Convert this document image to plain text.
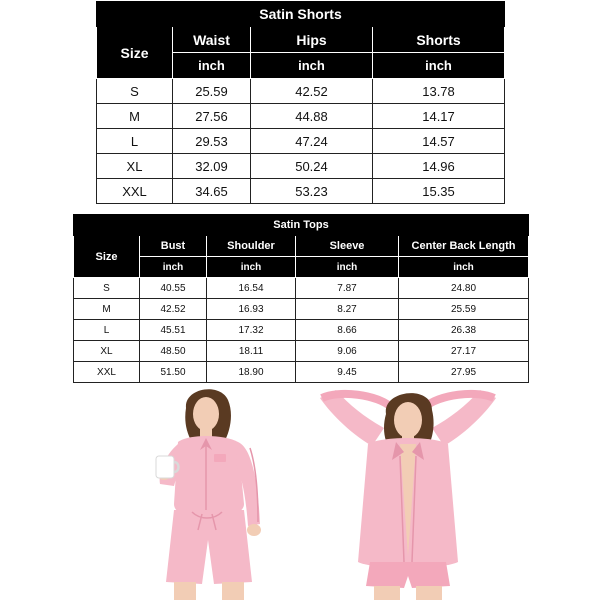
Satin Shorts			
Size	Waist	Hips	Shorts
	inch	inch	inch
S	25.59	42.52	13.78
M	27.56	44.88	14.17
L	29.53	47.24	14.57
XL	32.09	50.24	14.96
XXL	34.65	53.23	15.35
Satin Tops				
Size	Bust	Shoulder	Sleeve	Center Back Length
	inch	inch	inch	inch
S	40.55	16.54	7.87	24.80
M	42.52	16.93	8.27	25.59
L	45.51	17.32	8.66	26.38
XL	48.50	18.11	9.06	27.17
XXL	51.50	18.90	9.45	27.95
